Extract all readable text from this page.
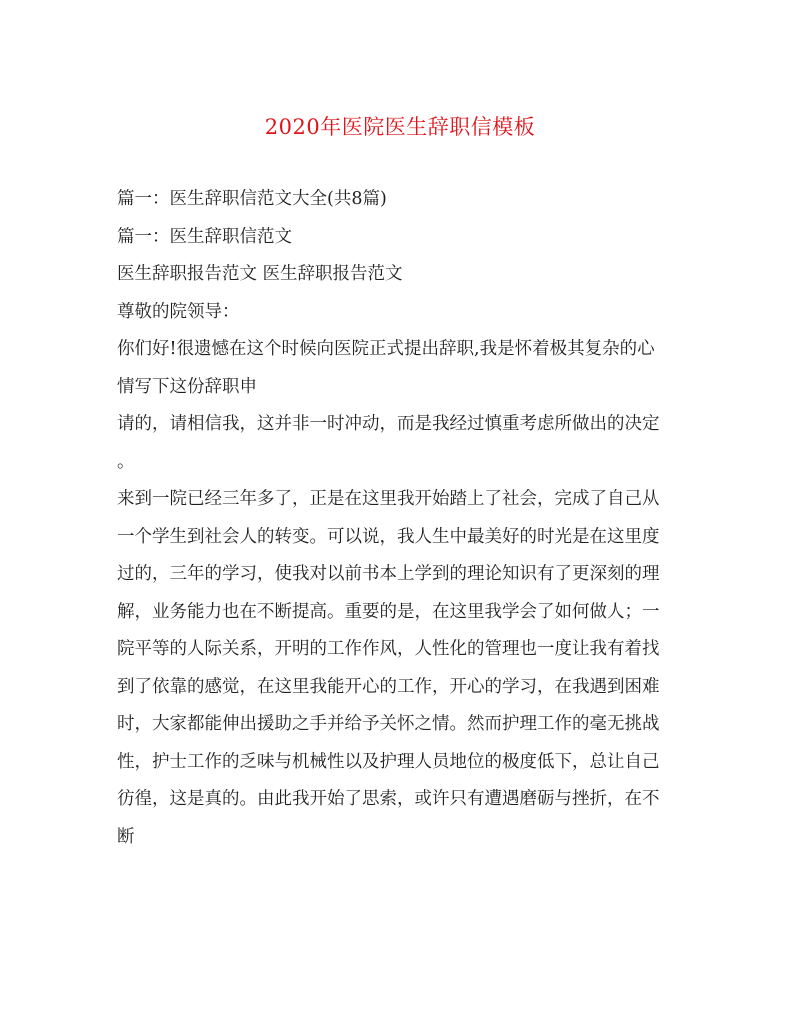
2020年医院医生辞职信模板

篇一：医生辞职信范文大全(共8篇)

篇一：医生辞职信范文

医生辞职报告范文 医生辞职报告范文

尊敬的院领导：

你们好!很遗憾在这个时候向医院正式提出辞职,我是怀着极其复杂的心

情写下这份辞职申

请的，请相信我，这并非一时冲动，而是我经过慎重考虑所做出的决定

。

来到一院已经三年多了，正是在这里我开始踏上了社会，完成了自己从

一个学生到社会人的转变。可以说，我人生中最美好的时光是在这里度

过的，三年的学习，使我对以前书本上学到的理论知识有了更深刻的理

解，业务能力也在不断提高。重要的是，在这里我学会了如何做人；一

院平等的人际关系，开明的工作作风，人性化的管理也一度让我有着找

到了依靠的感觉，在这里我能开心的工作，开心的学习，在我遇到困难

时，大家都能伸出援助之手并给予关怀之情。然而护理工作的毫无挑战

性，护士工作的乏味与机械性以及护理人员地位的极度低下，总让自己

彷徨，这是真的。由此我开始了思索，或许只有遭遇磨砺与挫折，在不

断
